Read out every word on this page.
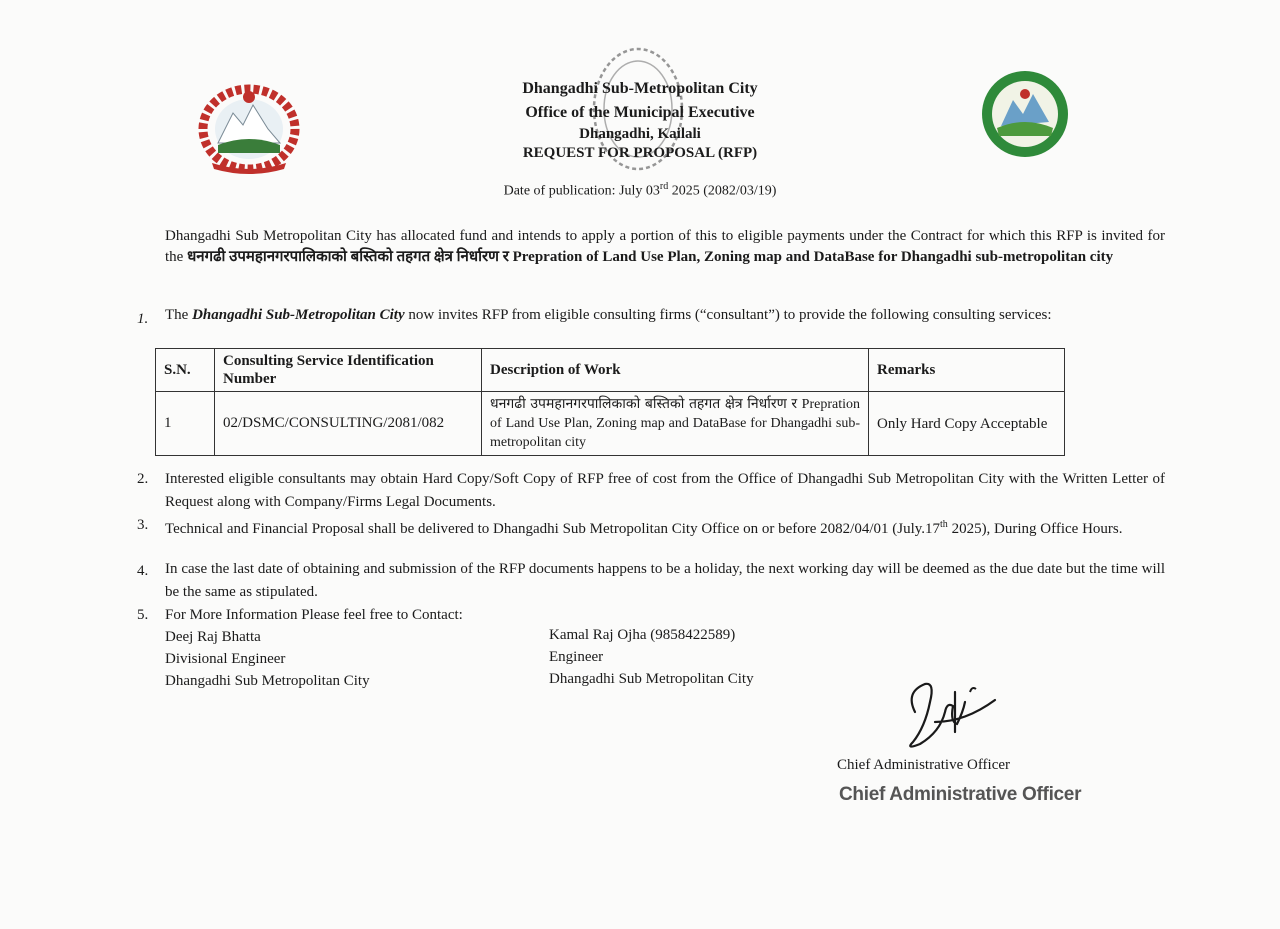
Dhangadhi Sub-Metropolitan City
Office of the Municipal Executive
Dhangadhi, Kailali
REQUEST FOR PROPOSAL (RFP)
Date of publication: July 03rd 2025 (2082/03/19)
Dhangadhi Sub Metropolitan City has allocated fund and intends to apply a portion of this to eligible payments under the Contract for which this RFP is invited for the धनगढी उपमहानगरपालिकाको बस्तिको तहगत क्षेत्र निर्धारण र Prepration of Land Use Plan, Zoning map and DataBase for Dhangadhi sub-metropolitan city
1. The Dhangadhi Sub-Metropolitan City now invites RFP from eligible consulting firms (“consultant”) to provide the following consulting services:
S.N.	Consulting Service Identification Number	Description of Work	Remarks
1	02/DSMC/CONSULTING/2081/082	धनगढी उपमहानगरपालिकाको बस्तिको तहगत क्षेत्र निर्धारण र Prepration of Land Use Plan, Zoning map and DataBase for Dhangadhi sub-metropolitan city	Only Hard Copy Acceptable
2. Interested eligible consultants may obtain Hard Copy/Soft Copy of RFP free of cost from the Office of Dhangadhi Sub Metropolitan City with the Written Letter of Request along with Company/Firms Legal Documents.
3. Technical and Financial Proposal shall be delivered to Dhangadhi Sub Metropolitan City Office on or before 2082/04/01 (July.17th 2025), During Office Hours.
4. In case the last date of obtaining and submission of the RFP documents happens to be a holiday, the next working day will be deemed as the due date but the time will be the same as stipulated.
5. For More Information Please feel free to Contact:
Deej Raj Bhatta
Divisional Engineer
Dhangadhi Sub Metropolitan City
Kamal Raj Ojha (9858422589)
Engineer
Dhangadhi Sub Metropolitan City
Chief Administrative Officer
Chief Administrative Officer
